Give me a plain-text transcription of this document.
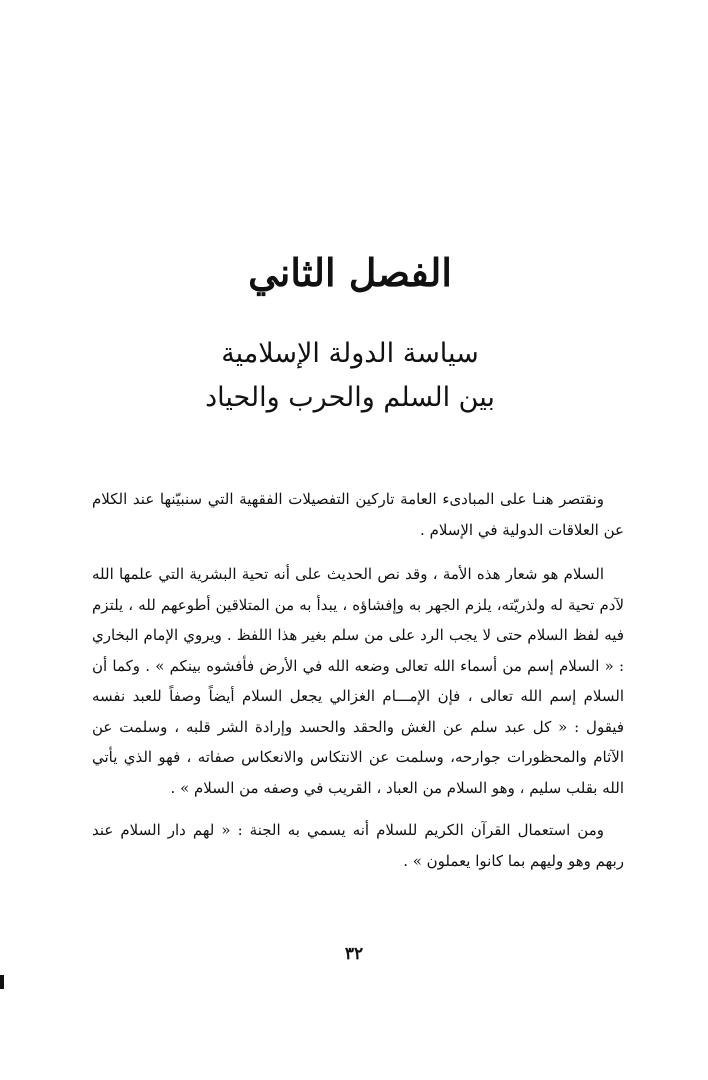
الفصل الثاني
سياسة الدولة الإسلامية
بين السلم والحرب والحياد

ونقتصر هنـا على المبادىء العامة تاركين التفصيلات الفقهية التي سنبيّنها عند الكلام عن العلاقات الدولية في الإسلام .

السلام هو شعار هذه الأمة ، وقد نص الحديث على أنه تحية البشرية التي علمها الله لآدم تحية له ولذريّته، يلزم الجهر به وإفشاؤه ، يبدأ به من المتلاقين أطوعهم لله ، يلتزم فيه لفظ السلام حتى لا يجب الرد على من سلم بغير هذا اللفظ . ويروي الإمام البخاري : « السلام إسم من أسماء الله تعالى وضعه الله في الأرض فأفشوه بينكم » . وكما أن السلام إسم الله تعالى ، فإن الإمـــام الغزالي يجعل السلام أيضاً وصفاً للعبد نفسه فيقول : « كل عبد سلم عن الغش والحقد والحسد وإرادة الشر قلبه ، وسلمت عن الآثام والمحظورات جوارحه، وسلمت عن الانتكاس والانعكاس صفاته ، فهو الذي يأتي الله بقلب سليم ، وهو السلام من العباد ، القريب في وصفه من السلام » .

ومن استعمال القرآن الكريم للسلام أنه يسمي به الجنة : « لهم دار السلام عند ربهم وهو وليهم بما كانوا يعملون » .

٣٢
